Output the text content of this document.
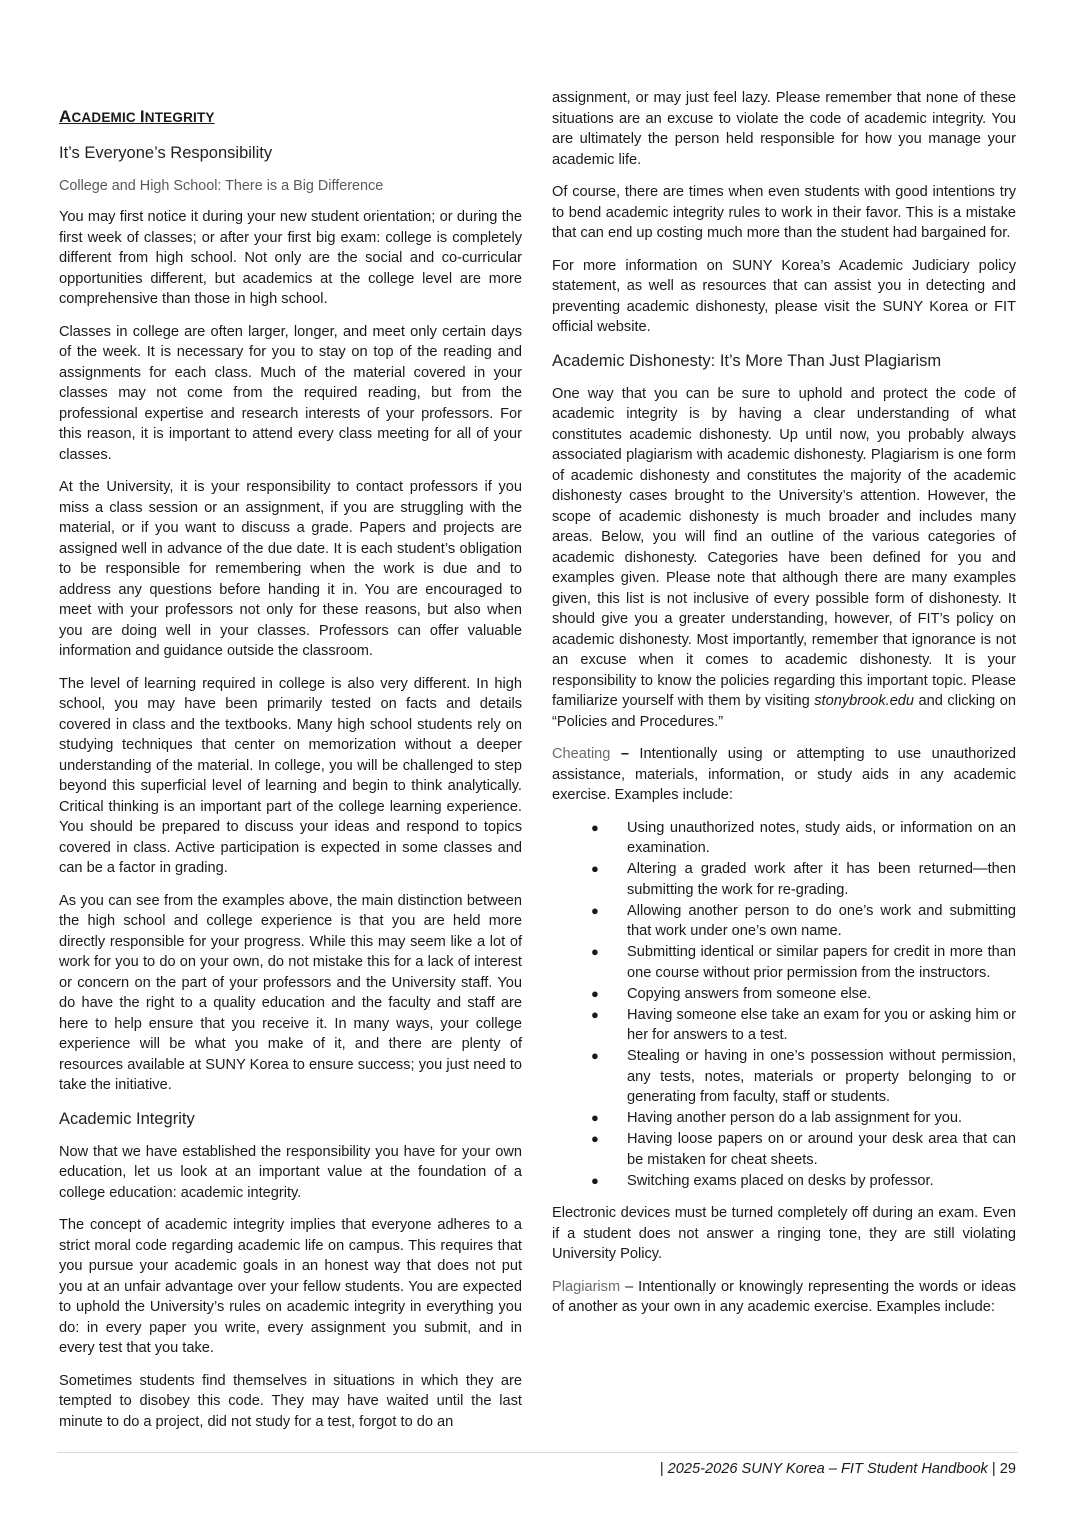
ACADEMIC INTEGRITY
It’s Everyone’s Responsibility
College and High School: There is a Big Difference

You may first notice it during your new student orientation; or during the first week of classes; or after your first big exam: college is completely different from high school. Not only are the social and co-curricular opportunities different, but academics at the college level are more comprehensive than those in high school.

Classes in college are often larger, longer, and meet only certain days of the week. It is necessary for you to stay on top of the reading and assignments for each class. Much of the material covered in your classes may not come from the required reading, but from the professional expertise and research interests of your professors. For this reason, it is important to attend every class meeting for all of your classes.

At the University, it is your responsibility to contact professors if you miss a class session or an assignment, if you are struggling with the material, or if you want to discuss a grade. Papers and projects are assigned well in advance of the due date. It is each student’s obligation to be responsible for remembering when the work is due and to address any questions before handing it in. You are encouraged to meet with your professors not only for these reasons, but also when you are doing well in your classes. Professors can offer valuable information and guidance outside the classroom.

The level of learning required in college is also very different. In high school, you may have been primarily tested on facts and details covered in class and the textbooks. Many high school students rely on studying techniques that center on memorization without a deeper understanding of the material. In college, you will be challenged to step beyond this superficial level of learning and begin to think analytically. Critical thinking is an important part of the college learning experience. You should be prepared to discuss your ideas and respond to topics covered in class. Active participation is expected in some classes and can be a factor in grading.

As you can see from the examples above, the main distinction between the high school and college experience is that you are held more directly responsible for your progress. While this may seem like a lot of work for you to do on your own, do not mistake this for a lack of interest or concern on the part of your professors and the University staff. You do have the right to a quality education and the faculty and staff are here to help ensure that you receive it. In many ways, your college experience will be what you make of it, and there are plenty of resources available at SUNY Korea to ensure success; you just need to take the initiative.

Academic Integrity

Now that we have established the responsibility you have for your own education, let us look at an important value at the foundation of a college education: academic integrity.

The concept of academic integrity implies that everyone adheres to a strict moral code regarding academic life on campus. This requires that you pursue your academic goals in an honest way that does not put you at an unfair advantage over your fellow students. You are expected to uphold the University’s rules on academic integrity in everything you do: in every paper you write, every assignment you submit, and in every test that you take.

Sometimes students find themselves in situations in which they are tempted to disobey this code. They may have waited until the last minute to do a project, did not study for a test, forgot to do an

assignment, or may just feel lazy. Please remember that none of these situations are an excuse to violate the code of academic integrity. You are ultimately the person held responsible for how you manage your academic life.

Of course, there are times when even students with good intentions try to bend academic integrity rules to work in their favor. This is a mistake that can end up costing much more than the student had bargained for.

For more information on SUNY Korea’s Academic Judiciary policy statement, as well as resources that can assist you in detecting and preventing academic dishonesty, please visit the SUNY Korea or FIT official website.

Academic Dishonesty: It’s More Than Just Plagiarism

One way that you can be sure to uphold and protect the code of academic integrity is by having a clear understanding of what constitutes academic dishonesty. Up until now, you probably always associated plagiarism with academic dishonesty. Plagiarism is one form of academic dishonesty and constitutes the majority of the academic dishonesty cases brought to the University’s attention. However, the scope of academic dishonesty is much broader and includes many areas. Below, you will find an outline of the various categories of academic dishonesty. Categories have been defined for you and examples given. Please note that although there are many examples given, this list is not inclusive of every possible form of dishonesty. It should give you a greater understanding, however, of FIT’s policy on academic dishonesty. Most importantly, remember that ignorance is not an excuse when it comes to academic dishonesty. It is your responsibility to know the policies regarding this important topic. Please familiarize yourself with them by visiting stonybrook.edu and clicking on “Policies and Procedures.”

Cheating – Intentionally using or attempting to use unauthorized assistance, materials, information, or study aids in any academic exercise. Examples include:

● Using unauthorized notes, study aids, or information on an examination.
● Altering a graded work after it has been returned—then submitting the work for re-grading.
● Allowing another person to do one’s work and submitting that work under one’s own name.
● Submitting identical or similar papers for credit in more than one course without prior permission from the instructors.
● Copying answers from someone else.
● Having someone else take an exam for you or asking him or her for answers to a test.
● Stealing or having in one’s possession without permission, any tests, notes, materials or property belonging to or generating from faculty, staff or students.
● Having another person do a lab assignment for you.
● Having loose papers on or around your desk area that can be mistaken for cheat sheets.
● Switching exams placed on desks by professor.

Electronic devices must be turned completely off during an exam. Even if a student does not answer a ringing tone, they are still violating University Policy.

Plagiarism – Intentionally or knowingly representing the words or ideas of another as your own in any academic exercise. Examples include:

| 2025-2026 SUNY Korea – FIT Student Handbook | 29
